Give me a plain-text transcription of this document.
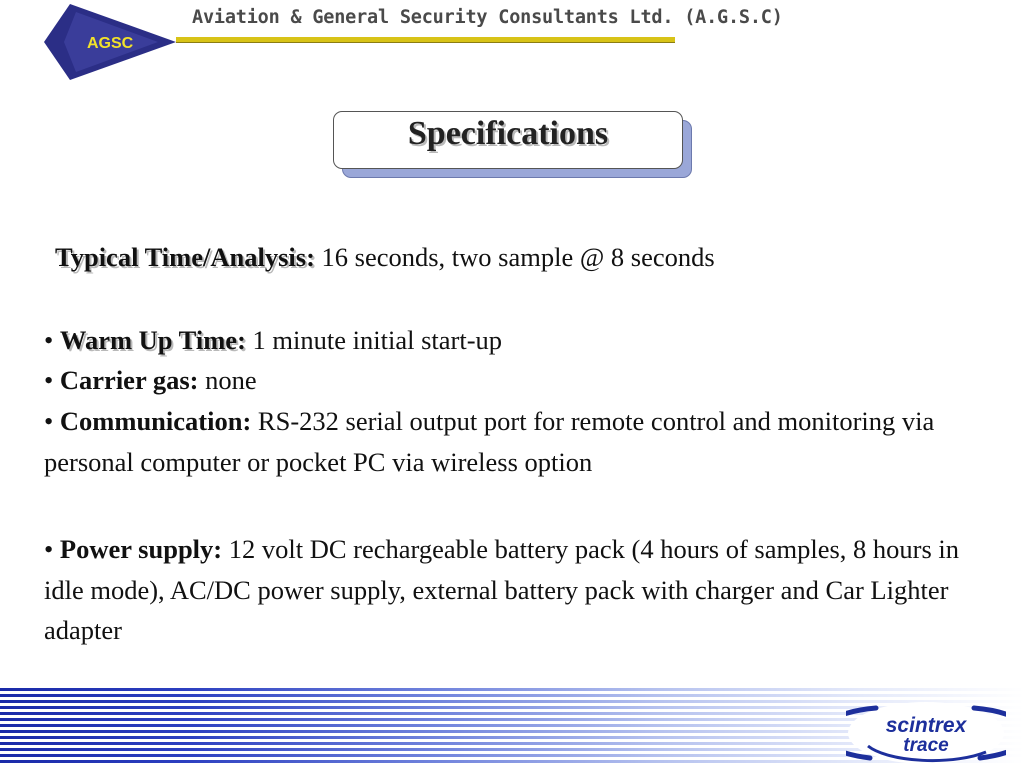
AGSC
Aviation & General Security Consultants Ltd. (A.G.S.C)
Specifications
Typical Time/Analysis: 16 seconds, two sample @ 8 seconds
• Warm Up Time: 1 minute initial start-up
• Carrier gas: none
• Communication: RS-232 serial output port for remote control and monitoring via personal computer or pocket PC via wireless option
• Power supply: 12 volt DC rechargeable battery pack (4 hours of samples, 8 hours in idle mode), AC/DC power supply, external battery pack with charger and Car Lighter adapter
scintrex
trace
